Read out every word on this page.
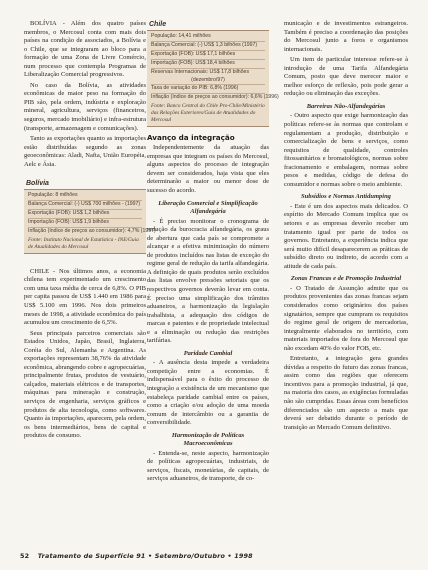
BOLÍVIA - Além dos quatro países membros, o Mercosul conta com mais dois países na condição de associados, a Bolívia e o Chile, que se integraram ao bloco para a formação de uma Zona de Livre Comércio, num processo que contempla Programas de Liberalização Comercial progressivos.

No caso da Bolívia, as atividades econômicas de maior peso na formação do PIB são, pela ordem, indústria e exploração mineral, agricultura, serviços (financeiros, seguros, mercado imobiliário) e infra-estrutura (transporte, armazenagem e comunicações).

Tanto as exportações quanto as importações estão distribuídas segundo as zonas geoeconômicas: Aladi, Nafta, União Européia, Aelc e Ásia.

Bolívia
População: 8 milhões
Balança Comercial: (-) US$ 700 milhões - (1997)
Exportação (FOB): US$ 1,2 bilhões
Importação (FOB): US$ 1,9 bilhões
Inflação (índice de preços ao consumidor): 4,7% (1997)
Fonte: Instituto Nacional de Estatística - INE/Guia de Atualidades do Mercosul

CHILE - Nos últimos anos, a economia chilena tem experimentado um crescimento com uma taxa média de cerca de 6,8%. O PIB per capita passou de US$ 1.440 em 1986 para US$ 5.100 em 1996. Nos dois primeiros meses de 1998, a atividade econômica do país acumulou um crescimento de 6,5%.

Seus principais parceiros comerciais são Estados Unidos, Japão, Brasil, Inglaterra, Coréia do Sul, Alemanha e Argentina. As exportações representam 38,76% da atividade econômica, abrangendo cobre e agropecuárias, principalmente frutas, produtos de vestuário, calçados, materiais elétricos e de transportes, máquinas para mineração e construção, serviços de engenharia, serviços gráficos e produtos de alta tecnologia, como softwares. Quanto às importações, aparecem, pela ordem, os bens intermediários, bens de capital e produtos de consumo.

Chile
População: 14,41 milhões
Balança Comercial: (-) US$ 1,3 bilhões (1997)
Exportação (FOB): US$ 17,1 bilhões
Importação (FOB): US$ 18,4 bilhões
Reservas Internacionais: US$ 17,8 bilhões
(dezembro/97)
Taxa de variação do PIB: 6,8% (1996)
Inflação (índice de preços ao consumidor): 6,6% (1996)
Fonte: Banco Central do Chile Pro-Chile/Ministério das Relações Exteriores/Guia de Atualidades do Mercosul
Avanço da integração

Independentemente da atuação das empresas que integram os países do Mercosul, alguns aspectos do processo de integração devem ser considerados, haja vista que eles determinarão a maior ou menor dose de sucesso do acordo.

Liberação Comercial e Simplificação Alfandegária

- É preciso monitorar o cronograma de redução da burocracia alfandegária, os graus de abertura que cada país se compromete a alcançar e a efetiva minimização do número de produtos incluídos nas listas de exceção do regime geral de redução da tarifa alfandegária. A definição de quais produtos serão excluídos das listas envolve pressões setoriais que os respectivos governos deverão levar em conta. É preciso uma simplificação dos trâmites aduaneiros, a harmonização da legislação trabalhista, a adequação dos códigos de marcas e patentes e de propriedade intelectual e a eliminação ou redução das restrições tarifárias.

Paridade Cambial

- A ausência desta impede a verdadeira competição entre a economias. É indispensável para o êxito do processo de integração a existência de um mecanismo que estabeleça paridade cambial entre os países, como a criação e/ou adoção de uma moeda comum de intercâmbio ou a garantia de conversibilidade.

Harmonização de Políticas Macroeconômicas

- Entenda-se, neste aspecto, harmonização de políticas agropecuárias, industriais, de serviços, fiscais, monetárias, de capitais, de serviços aduaneiros, de transporte, de co-

municação e de investimentos estrangeiros. Também é preciso a coordenação das posições do Mercosul junto a foros e organismos internacionais.

Um item de particular interesse refere-se à introdução de uma Tarifa Alfandegária Comum, posto que deve merecer maior e melhor esforço de reflexão, pois pode gerar a redução ou eliminação das exceções.

Barreiras Não-Alfandegárias

- Outro aspecto que exige harmonização das políticas refere-se às normas que controlam e regulamentam a produção, distribuição e comercialização de bens e serviços, como requisitos de qualidade, controles fitossanitários e bromatológicos, normas sobre fracionamento e embalagem, normas sobre pesos e medidas, código de defesa do consumidor e normas sobre o meio ambiente.

Subsídios e Normas Antidumping

- Este é um dos aspectos mais delicados. O espírito do Mercado Comum implica que os setores e as empresas deverão receber um tratamento igual por parte de todos os governos. Entretanto, a experiência indica que será muito difícil desaparecerem as práticas de subsídio direto ou indireto, de acordo com a atitude de cada país.

Zonas Francas e de Promoção Industrial

- O Tratado de Assunção admite que os produtos provenientes das zonas francas sejam considerados como originários dos países signatários, sempre que cumpram os requisitos do regime geral de origem de mercadorias, integralmente elaborados no território, com materiais importados de fora do Mercosul que não excedam 40% do valor FOB, etc.

Entretanto, a integração gera grandes dúvidas a respeito do futuro das zonas francas, assim como das regiões que oferecem incentivos para a promoção industrial, já que, na maioria dos casos, as exigências formuladas não são cumpridas. Essas áreas com benefícios diferenciados são um aspecto a mais que deverá ser debatido durante o período de transição ao Mercado Comum definitivo.

52 Tratamento de Superfície 91 • Setembro/Outubro • 1998
